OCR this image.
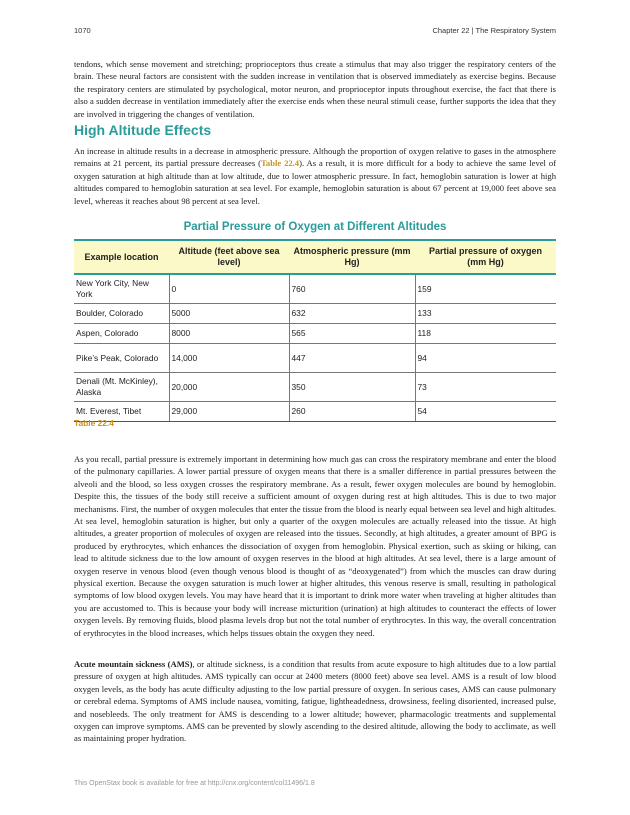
1070	Chapter 22 | The Respiratory System

tendons, which sense movement and stretching; proprioceptors thus create a stimulus that may also trigger the respiratory centers of the brain. These neural factors are consistent with the sudden increase in ventilation that is observed immediately as exercise begins. Because the respiratory centers are stimulated by psychological, motor neuron, and proprioceptor inputs throughout exercise, the fact that there is also a sudden decrease in ventilation immediately after the exercise ends when these neural stimuli cease, further supports the idea that they are involved in triggering the changes of ventilation.

High Altitude Effects

An increase in altitude results in a decrease in atmospheric pressure. Although the proportion of oxygen relative to gases in the atmosphere remains at 21 percent, its partial pressure decreases (Table 22.4). As a result, it is more difficult for a body to achieve the same level of oxygen saturation at high altitude than at low altitude, due to lower atmospheric pressure. In fact, hemoglobin saturation is lower at high altitudes compared to hemoglobin saturation at sea level. For example, hemoglobin saturation is about 67 percent at 19,000 feet above sea level, whereas it reaches about 98 percent at sea level.

Partial Pressure of Oxygen at Different Altitudes
Example location	Altitude (feet above sea level)	Atmospheric pressure (mm Hg)	Partial pressure of oxygen (mm Hg)
New York City, New York	0	760	159
Boulder, Colorado	5000	632	133
Aspen, Colorado	8000	565	118
Pike’s Peak, Colorado	14,000	447	94
Denali (Mt. McKinley), Alaska	20,000	350	73
Mt. Everest, Tibet	29,000	260	54
Table 22.4

As you recall, partial pressure is extremely important in determining how much gas can cross the respiratory membrane and enter the blood of the pulmonary capillaries. A lower partial pressure of oxygen means that there is a smaller difference in partial pressures between the alveoli and the blood, so less oxygen crosses the respiratory membrane. As a result, fewer oxygen molecules are bound by hemoglobin. Despite this, the tissues of the body still receive a sufficient amount of oxygen during rest at high altitudes. This is due to two major mechanisms. First, the number of oxygen molecules that enter the tissue from the blood is nearly equal between sea level and high altitudes. At sea level, hemoglobin saturation is higher, but only a quarter of the oxygen molecules are actually released into the tissue. At high altitudes, a greater proportion of molecules of oxygen are released into the tissues. Secondly, at high altitudes, a greater amount of BPG is produced by erythrocytes, which enhances the dissociation of oxygen from hemoglobin. Physical exertion, such as skiing or hiking, can lead to altitude sickness due to the low amount of oxygen reserves in the blood at high altitudes. At sea level, there is a large amount of oxygen reserve in venous blood (even though venous blood is thought of as “deoxygenated”) from which the muscles can draw during physical exertion. Because the oxygen saturation is much lower at higher altitudes, this venous reserve is small, resulting in pathological symptoms of low blood oxygen levels. You may have heard that it is important to drink more water when traveling at higher altitudes than you are accustomed to. This is because your body will increase micturition (urination) at high altitudes to counteract the effects of lower oxygen levels. By removing fluids, blood plasma levels drop but not the total number of erythrocytes. In this way, the overall concentration of erythrocytes in the blood increases, which helps tissues obtain the oxygen they need.

Acute mountain sickness (AMS), or altitude sickness, is a condition that results from acute exposure to high altitudes due to a low partial pressure of oxygen at high altitudes. AMS typically can occur at 2400 meters (8000 feet) above sea level. AMS is a result of low blood oxygen levels, as the body has acute difficulty adjusting to the low partial pressure of oxygen. In serious cases, AMS can cause pulmonary or cerebral edema. Symptoms of AMS include nausea, vomiting, fatigue, lightheadedness, drowsiness, feeling disoriented, increased pulse, and nosebleeds. The only treatment for AMS is descending to a lower altitude; however, pharmacologic treatments and supplemental oxygen can improve symptoms. AMS can be prevented by slowly ascending to the desired altitude, allowing the body to acclimate, as well as maintaining proper hydration.

This OpenStax book is available for free at http://cnx.org/content/col11496/1.8
